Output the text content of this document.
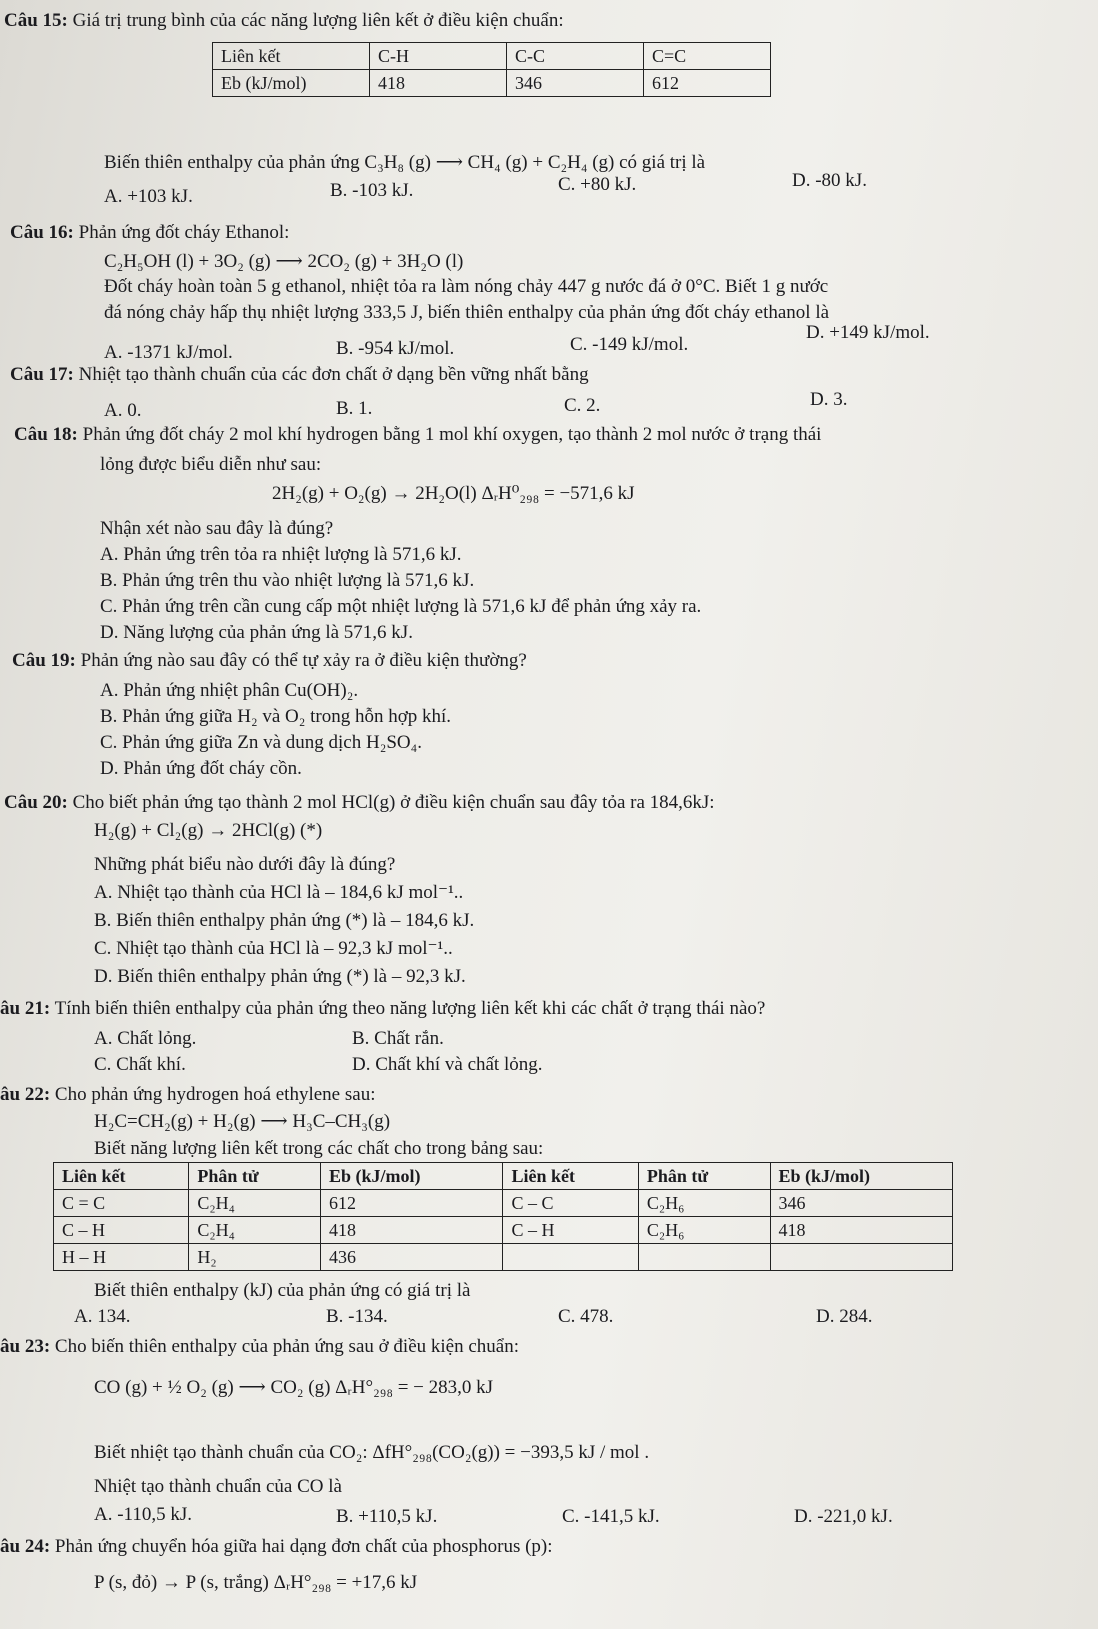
Câu 15: Giá trị trung bình của các năng lượng liên kết ở điều kiện chuẩn:
Liên kết	C-H	C-C	C=C
Eb (kJ/mol)	418	346	612
Biến thiên enthalpy của phản ứng C₃H₈ (g) ⟶ CH₄ (g) + C₂H₄ (g) có giá trị là
A. +103 kJ.	B. -103 kJ.	C. +80 kJ.	D. -80 kJ.
Câu 16: Phản ứng đốt cháy Ethanol:
C₂H₅OH (l) + 3O₂ (g) ⟶ 2CO₂ (g) + 3H₂O (l)
Đốt cháy hoàn toàn 5 g ethanol, nhiệt tỏa ra làm nóng chảy 447 g nước đá ở 0°C. Biết 1 g nước
đá nóng chảy hấp thụ nhiệt lượng 333,5 J, biến thiên enthalpy của phản ứng đốt cháy ethanol là
A. -1371 kJ/mol.	B. -954 kJ/mol.	C. -149 kJ/mol.
D. +149 kJ/mol.
Câu 17: Nhiệt tạo thành chuẩn của các đơn chất ở dạng bền vững nhất bằng
A. 0.	B. 1.	C. 2.	D. 3.
Câu 18: Phản ứng đốt cháy 2 mol khí hydrogen bằng 1 mol khí oxygen, tạo thành 2 mol nước ở trạng thái
lỏng được biểu diễn như sau:
2H₂(g) + O₂(g) → 2H₂O(l) ΔᵣH⁰₂₉₈ = −571,6 kJ
Nhận xét nào sau đây là đúng?
A. Phản ứng trên tỏa ra nhiệt lượng là 571,6 kJ.
B. Phản ứng trên thu vào nhiệt lượng là 571,6 kJ.
C. Phản ứng trên cần cung cấp một nhiệt lượng là 571,6 kJ để phản ứng xảy ra.
D. Năng lượng của phản ứng là 571,6 kJ.
Câu 19: Phản ứng nào sau đây có thể tự xảy ra ở điều kiện thường?
A. Phản ứng nhiệt phân Cu(OH)₂.
B. Phản ứng giữa H₂ và O₂ trong hỗn hợp khí.
C. Phản ứng giữa Zn và dung dịch H₂SO₄.
D. Phản ứng đốt cháy cồn.
Câu 20: Cho biết phản ứng tạo thành 2 mol HCl(g) ở điều kiện chuẩn sau đây tỏa ra 184,6kJ:
H₂(g) + Cl₂(g) → 2HCl(g) (*)
Những phát biểu nào dưới đây là đúng?
A. Nhiệt tạo thành của HCl là – 184,6 kJ mol⁻¹..
B. Biến thiên enthalpy phản ứng (*) là – 184,6 kJ.
C. Nhiệt tạo thành của HCl là – 92,3 kJ mol⁻¹..
D. Biến thiên enthalpy phản ứng (*) là – 92,3 kJ.
âu 21: Tính biến thiên enthalpy của phản ứng theo năng lượng liên kết khi các chất ở trạng thái nào?
A. Chất lỏng.	B. Chất rắn.
C. Chất khí.	D. Chất khí và chất lỏng.
âu 22: Cho phản ứng hydrogen hoá ethylene sau:
H₂C=CH₂(g) + H₂(g) ⟶ H₃C–CH₃(g)
Biết năng lượng liên kết trong các chất cho trong bảng sau:
Liên kết	Phân tử	Eb (kJ/mol)	Liên kết	Phân tử	Eb (kJ/mol)
C = C	C₂H₄	612	C – C	C₂H₆	346
C – H	C₂H₄	418	C – H	C₂H₆	418
H – H	H₂	436			
Biết thiên enthalpy (kJ) của phản ứng có giá trị là
A. 134.	B. -134.	C. 478.	D. 284.
âu 23: Cho biến thiên enthalpy của phản ứng sau ở điều kiện chuẩn:
CO (g) + ½ O₂ (g) ⟶ CO₂ (g) ΔᵣH°₂₉₈ = − 283,0 kJ
Biết nhiệt tạo thành chuẩn của CO₂: ΔfH°₂₉₈(CO₂(g)) = −393,5 kJ / mol .
Nhiệt tạo thành chuẩn của CO là
A. -110,5 kJ.	B. +110,5 kJ.	C. -141,5 kJ.	D. -221,0 kJ.
âu 24: Phản ứng chuyển hóa giữa hai dạng đơn chất của phosphorus (p):
P (s, đỏ) → P (s, trắng) ΔᵣH°₂₉₈ = +17,6 kJ
